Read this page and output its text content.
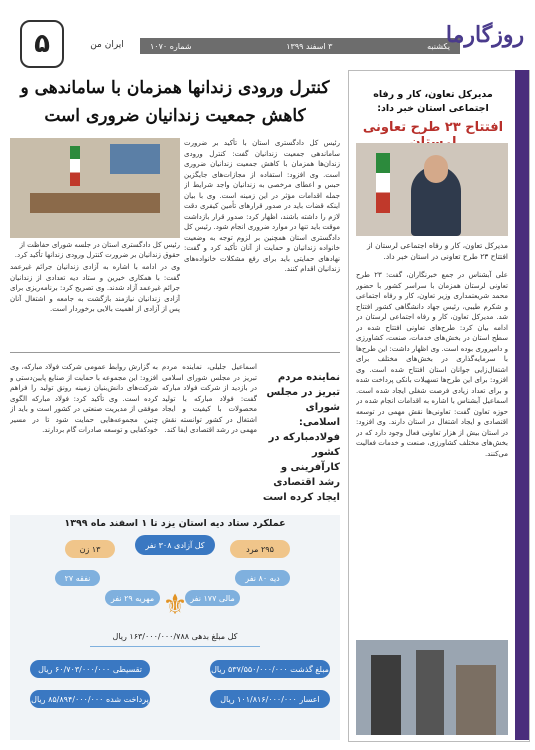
۵	ایران من	یکشنبه
۳ اسفند ۱۳۹۹
شماره ۱۰۷۰	روزگارما
مدیرکل تعاون، کار و رفاه اجتماعی استان خبر داد:
افتتاح ۲۳ طرح تعاونی
مدیرکل تعاون، کار و رفاه اجتماعی لرستان از افتتاح ۲۳ طرح تعاونی در استان خبر داد.
علی آبشناس در جمع خبرنگاران، گفت: ۲۳ طرح تعاونی لرستان همزمان با سراسر کشور با حضور محمد شریعتمداری وزیر تعاون، کار و رفاه اجتماعی و شکرم طیبی، رئیس جهاد دانشگاهی کشور افتتاح شد. مدیرکل تعاون، کار و رفاه اجتماعی لرستان در ادامه بیان کرد: طرح‌های تعاونی افتتاح شده در سطح استان در بخش‌های خدمات، صنعت، کشاورزی و دامپروری بوده است. وی اظهار داشت: این طرح‌ها با سرمایه‌گذاری در بخش‌های مختلف برای اشتغال‌زایی جوانان استان افتتاح شده است. وی افزود: برای این طرح‌ها تسهیلات بانکی پرداخت شده و برای تعداد زیادی فرصت شغلی ایجاد شده است. اسماعیل آبشناس با اشاره به اقدامات انجام شده در حوزه تعاون گفت: تعاونی‌ها نقش مهمی در توسعه اقتصادی و ایجاد اشتغال در استان دارند. وی افزود: در استان بیش از هزار تعاونی فعال وجود دارد که در بخش‌های مختلف کشاورزی، صنعت و خدمات فعالیت می‌کنند.
کنترل ورودی زندانها همزمان با ساماندهی و کاهش جمعیت زندانیان ضروری است
رئیس کل دادگستری استان در جلسه شورای حفاظت از حقوق زندانیان بر ضرورت کنترل ورودی زندانها تأکید کرد.
رئیس کل دادگستری استان با تأکید بر ضرورت ساماندهی جمعیت زندانیان گفت: کنترل ورودی زندان‌ها همزمان با کاهش جمعیت زندانیان ضروری است. وی افزود: استفاده از مجازات‌های جایگزین حبس و اعطای مرخصی به زندانیان واجد شرایط از جمله اقدامات مؤثر در این زمینه است. وی با بیان اینکه قضات باید در صدور قرارهای تأمین کیفری دقت لازم را داشته باشند، اظهار کرد: صدور قرار بازداشت موقت باید تنها در موارد ضروری انجام شود. رئیس کل دادگستری استان همچنین بر لزوم توجه به وضعیت خانواده زندانیان و حمایت از آنان تأکید کرد و گفت: نهادهای حمایتی باید برای رفع مشکلات خانواده‌های زندانیان اقدام کنند.
وی در ادامه با اشاره به آزادی زندانیان جرائم غیرعمد گفت: با همکاری خیرین و ستاد دیه تعدادی از زندانیان جرائم غیرعمد آزاد شدند. وی تصریح کرد: برنامه‌ریزی برای آزادی زندانیان نیازمند بازگشت به جامعه و اشتغال آنان پس از آزادی از اهمیت بالایی برخوردار است.
نماینده مردم تبریز در مجلس شورای اسلامی: فولادمبارکه در کشور کارآفرینی و رشد اقتصادی ایجاد کرده است
اسماعیل جلیلی، نماینده مردم تبریز در مجلس شورای اسلامی در بازدید از شرکت فولاد مبارکه گفت: فولاد مبارکه با تولید محصولات با کیفیت و ایجاد اشتغال در کشور توانسته نقش مهمی در رشد اقتصادی ایفا کند.
به گزارش روابط عمومی شرکت فولاد مبارکه، وی افزود: این مجموعه با حمایت از صنایع پایین‌دستی و شرکت‌های دانش‌بنیان زمینه رونق تولید را فراهم کرده است. وی تأکید کرد: فولاد مبارکه الگوی موفقی از مدیریت صنعتی در کشور است و باید از چنین مجموعه‌هایی حمایت شود تا در مسیر خودکفایی و توسعه صادرات گام بردارند.
کل آزادی ۳۰۸ نفر	۲۹۵ مرد
۱۳ زن
دیه ۸۰ نفر
مالی ۱۷۷ نفر
مهریه ۲۹ نفر
نفقه ۲۷
مبلغ گذشت ۵۳۷/۵۵۰/۰۰۰/۰۰۰ ریال
تقسیطی ۶۰/۷۰۳/۰۰۰/۰۰۰ ریال
اعسار ۱۰۱/۸۱۶/۰۰۰/۰۰۰ ریال
پرداخت شده ۸۵/۸۹۴/۰۰۰/۰۰۰ ریال
عملکرد ستاد دیه استان یزد تا ۱ اسفند ماه ۱۳۹۹
⚜
کل مبلغ بدهی ۱۶۳/۰۰۰/۰۰۰/۷۸۸ ریال
